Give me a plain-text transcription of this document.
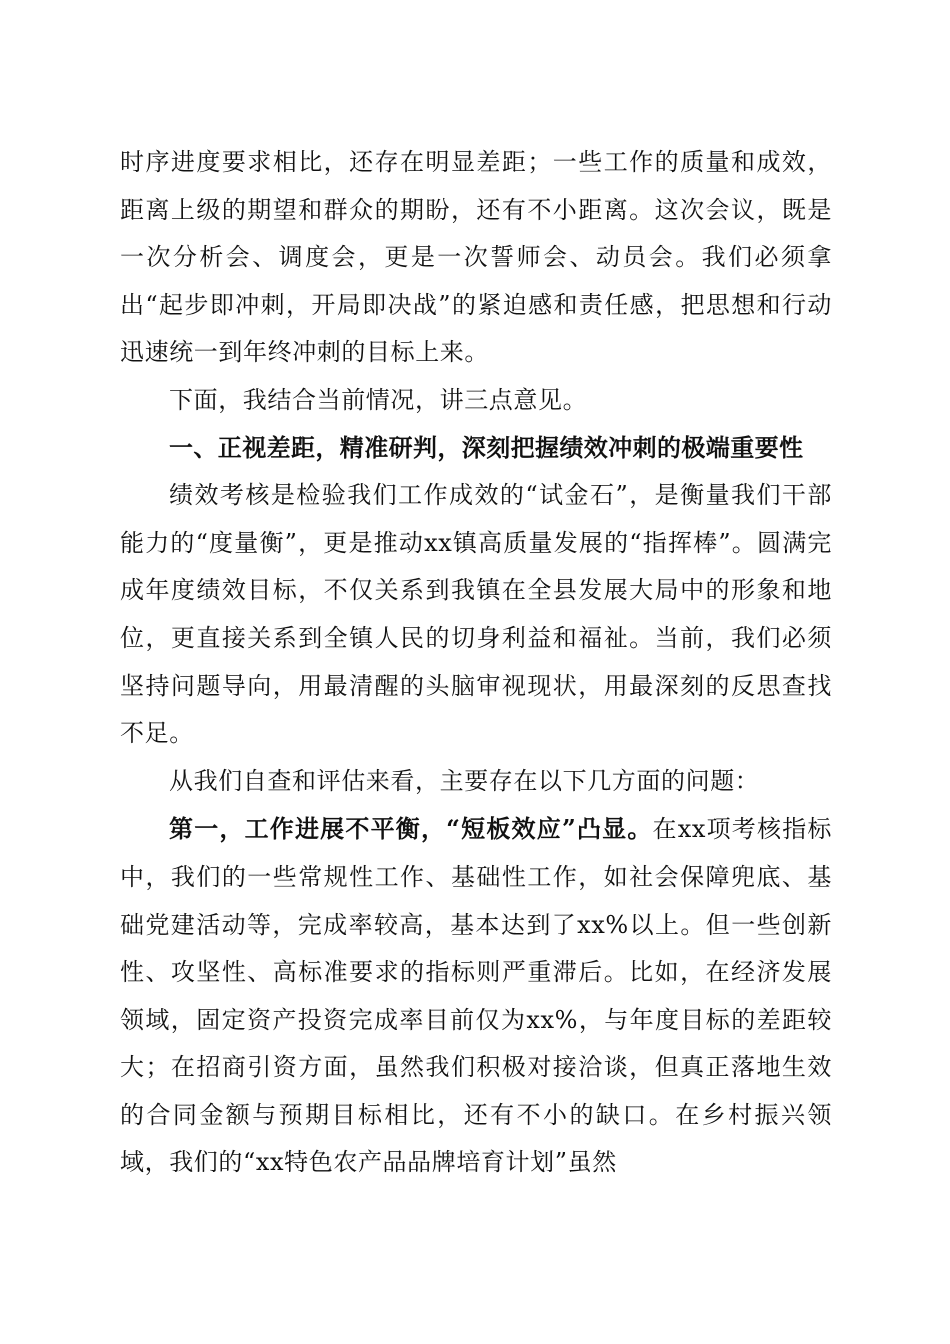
时序进度要求相比，还存在明显差距；一些工作的质量和成效，距离上级的期望和群众的期盼，还有不小距离。这次会议，既是一次分析会、调度会，更是一次誓师会、动员会。我们必须拿出“起步即冲刺，开局即决战”的紧迫感和责任感，把思想和行动迅速统一到年终冲刺的目标上来。

下面，我结合当前情况，讲三点意见。

一、正视差距，精准研判，深刻把握绩效冲刺的极端重要性

绩效考核是检验我们工作成效的“试金石”，是衡量我们干部能力的“度量衡”，更是推动xx镇高质量发展的“指挥棒”。圆满完成年度绩效目标，不仅关系到我镇在全县发展大局中的形象和地位，更直接关系到全镇人民的切身利益和福祉。当前，我们必须坚持问题导向，用最清醒的头脑审视现状，用最深刻的反思查找不足。

从我们自查和评估来看，主要存在以下几方面的问题：

第一，工作进展不平衡，“短板效应”凸显。在xx项考核指标中，我们的一些常规性工作、基础性工作，如社会保障兜底、基础党建活动等，完成率较高，基本达到了xx%以上。但一些创新性、攻坚性、高标准要求的指标则严重滞后。比如，在经济发展领域，固定资产投资完成率目前仅为xx%，与年度目标的差距较大；在招商引资方面，虽然我们积极对接洽谈，但真正落地生效的合同金额与预期目标相比，还有不小的缺口。在乡村振兴领域，我们的“xx特色农产品品牌培育计划”虽然
